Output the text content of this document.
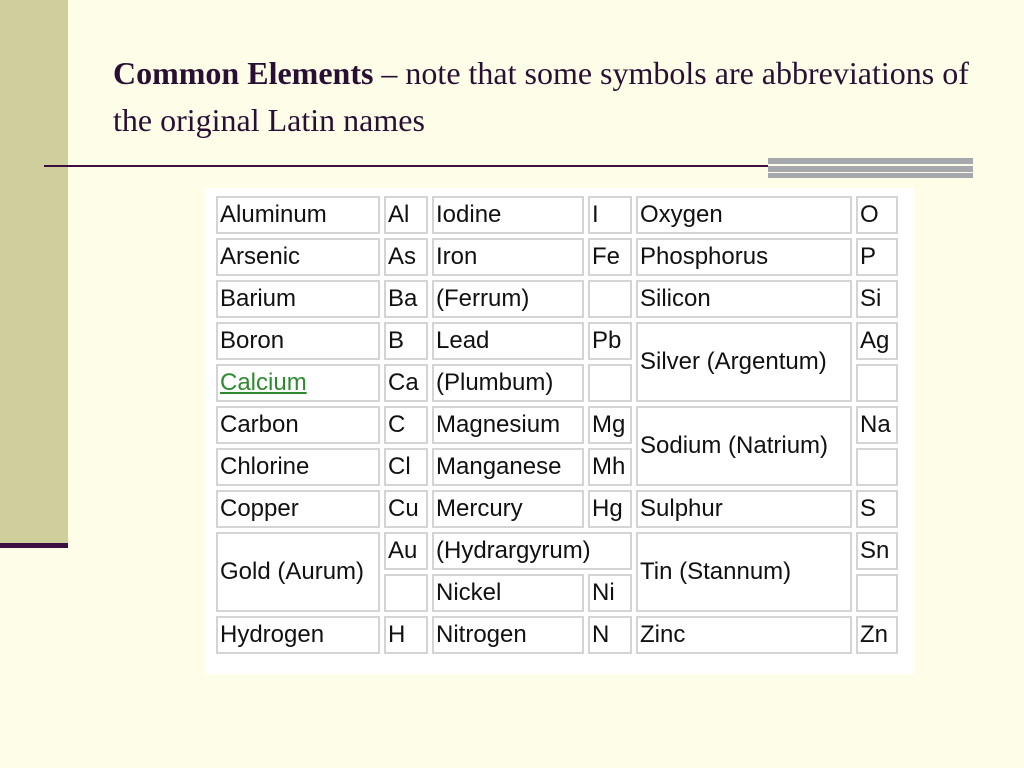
Common Elements – note that some symbols are abbreviations of the original Latin names
Aluminum	Al	Iodine	I	Oxygen	O
Arsenic	As	Iron	Fe	Phosphorus	P
Barium	Ba	(Ferrum)		Silicon	Si
Boron	B	Lead	Pb	Silver (Argentum)	Ag
Calcium	Ca	(Plumbum)			
Carbon	C	Magnesium	Mg	Sodium (Natrium)	Na
Chlorine	Cl	Manganese	Mh		
Copper	Cu	Mercury	Hg	Sulphur	S
Gold (Aurum)	Au	(Hydrargyrum)		Tin (Stannum)	Sn
		Nickel	Ni		
Hydrogen	H	Nitrogen	N	Zinc	Zn
